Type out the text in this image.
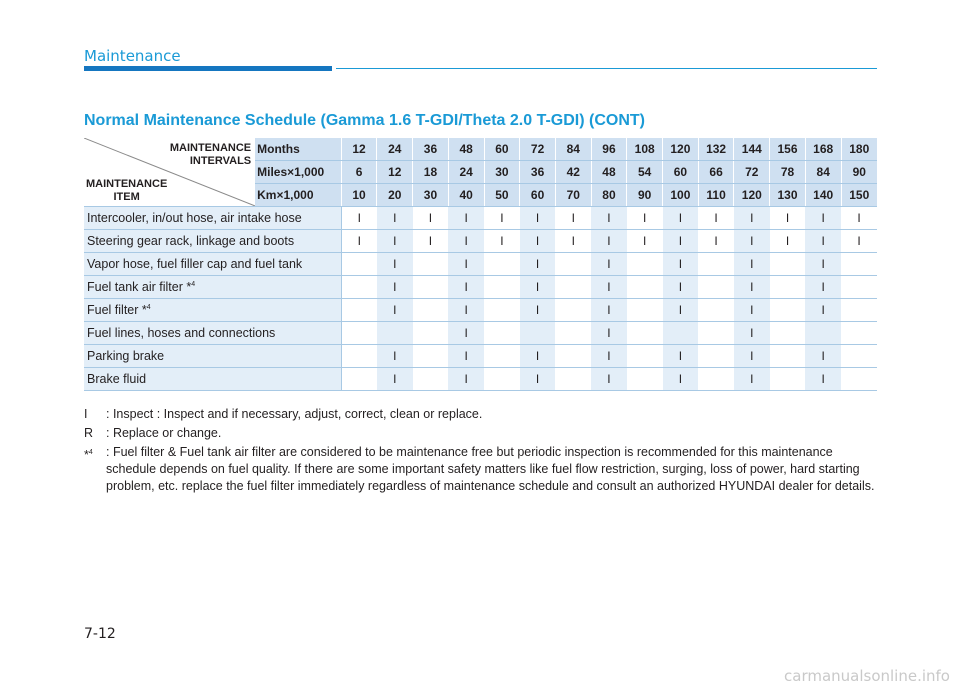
Maintenance
Normal Maintenance Schedule (Gamma 1.6 T-GDI/Theta 2.0 T-GDI) (CONT)
MAINTENANCE
INTERVALS
MAINTENANCE
ITEM	Months	12	24	36	48	60	72	84	96	108	120	132	144	156	168	180
	Miles×1,000	6	12	18	24	30	36	42	48	54	60	66	72	78	84	90
	Km×1,000	10	20	30	40	50	60	70	80	90	100	110	120	130	140	150
Intercooler, in/out hose, air intake hose		I	I	I	I	I	I	I	I	I	I	I	I	I	I	I
Steering gear rack, linkage and boots		I	I	I	I	I	I	I	I	I	I	I	I	I	I	I
Vapor hose, fuel filler cap and fuel tank			I		I		I		I		I		I		I	
Fuel tank air filter *$^4$			I		I		I		I		I		I		I	
Fuel filter *$^4$			I		I		I		I		I		I		I	
Fuel lines, hoses and connections					I				I				I			
Parking brake			I		I		I		I		I		I		I	
Brake fluid			I		I		I		I		I		I		I	
I : Inspect : Inspect and if necessary, adjust, correct, clean or replace.
R : Replace or change.
*$^4$ : Fuel filter & Fuel tank air filter are considered to be maintenance free but periodic inspection is recommended for this maintenance schedule depends on fuel quality. If there are some important safety matters like fuel flow restriction, surging, loss of power, hard starting problem, etc. replace the fuel filter immediately regardless of maintenance schedule and consult an authorized HYUNDAI dealer for details.
7-12
carmanualsonline.info
